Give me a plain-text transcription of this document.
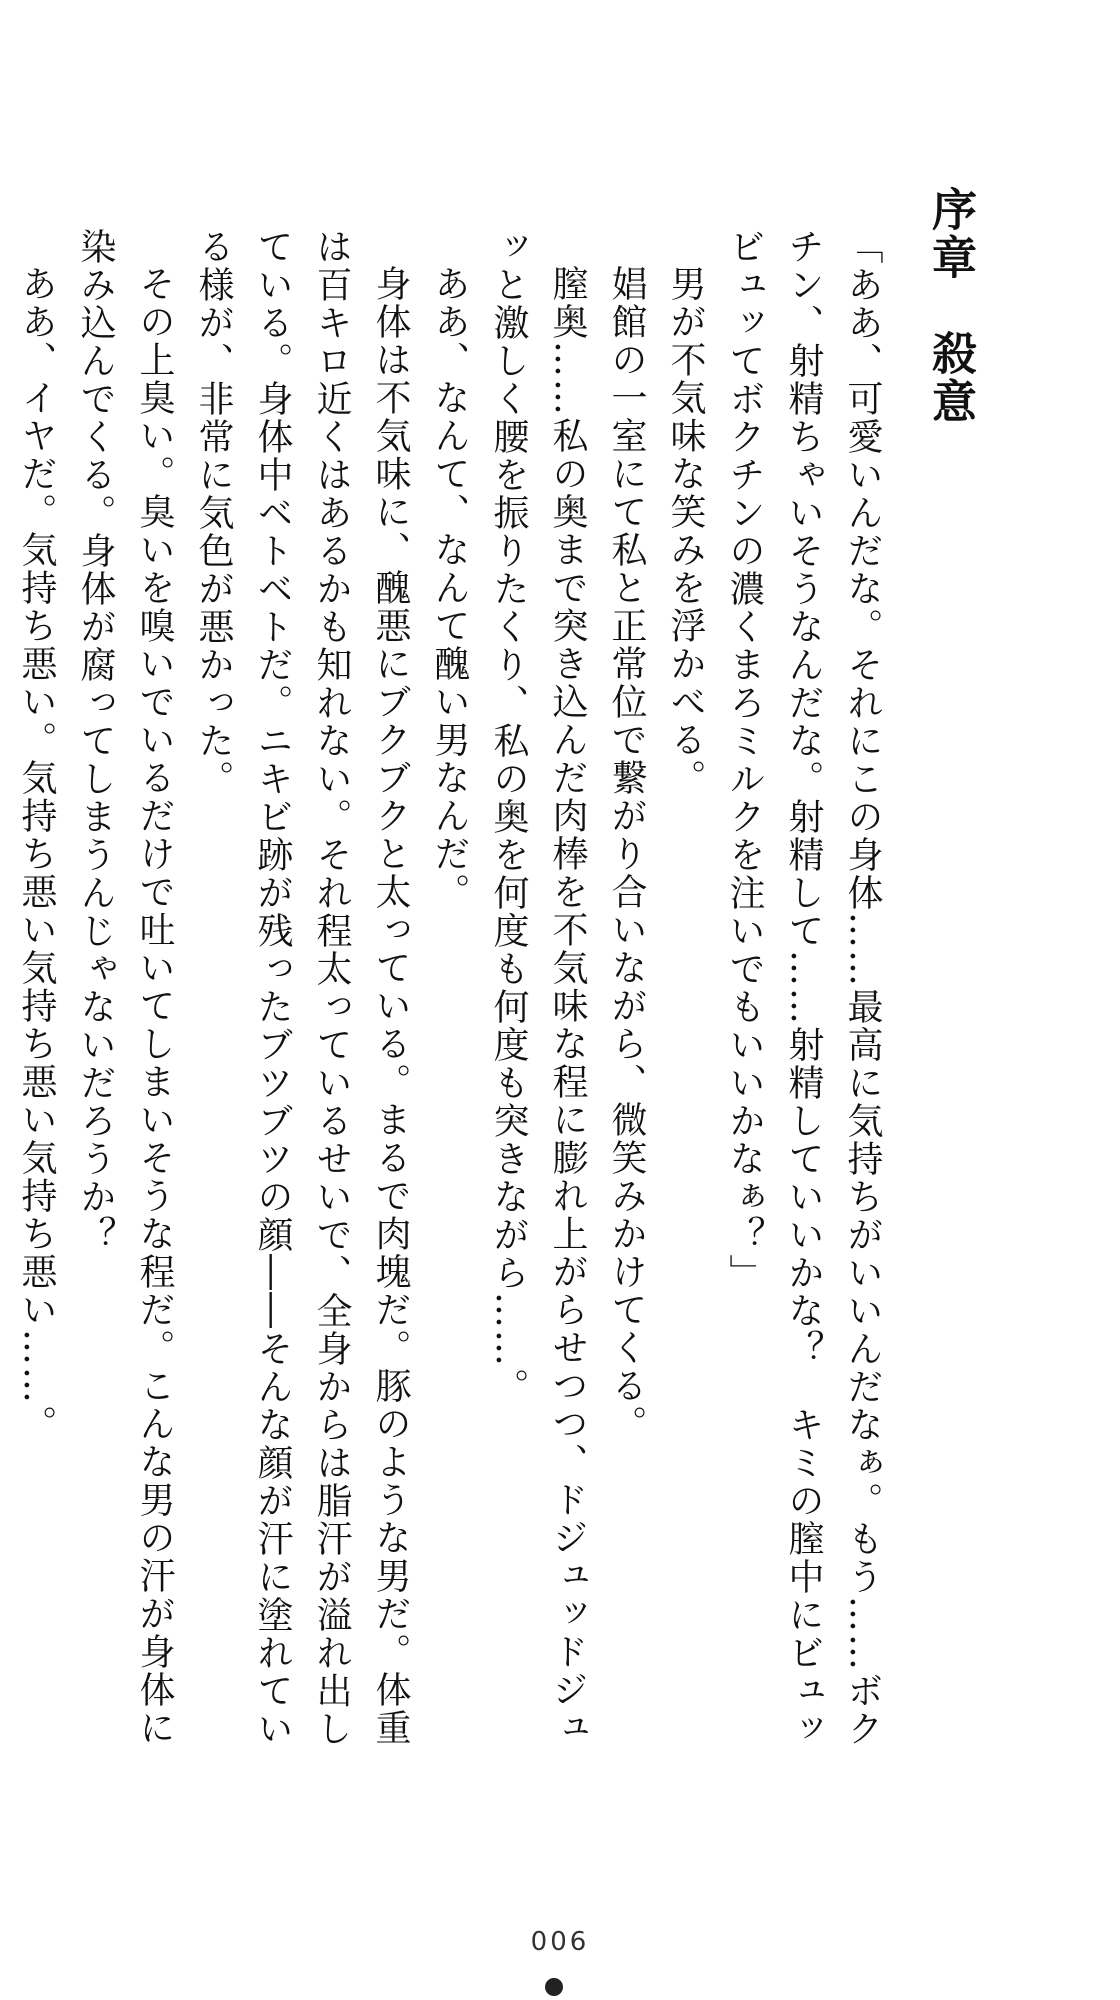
序章　殺意
「ああ、可愛いんだな。それにこの身体……最高に気持ちがいいんだなぁ。もう……ボク
チン、射精ちゃいそうなんだな。射精して……射精していいかな？　キミの膣中にビュッ
ビュッてボクチンの濃くまろミルクを注いでもいいかなぁ？」
男が不気味な笑みを浮かべる。
娼館の一室にて私と正常位で繋がり合いながら、微笑みかけてくる。
膣奥……私の奥まで突き込んだ肉棒を不気味な程に膨れ上がらせつつ、ドジュッドジュ
ッと激しく腰を振りたくり、私の奥を何度も何度も突きながら……。
ああ、なんて、なんて醜い男なんだ。
身体は不気味に、醜悪にブクブクと太っている。まるで肉塊だ。豚のような男だ。体重
は百キロ近くはあるかも知れない。それ程太っているせいで、全身からは脂汗が溢れ出し
ている。身体中ベトベトだ。ニキビ跡が残ったブツブツの顔――そんな顔が汗に塗れてい
る様が、非常に気色が悪かった。
その上臭い。臭いを嗅いでいるだけで吐いてしまいそうな程だ。こんな男の汗が身体に
染み込んでくる。身体が腐ってしまうんじゃないだろうか？
ああ、イヤだ。気持ち悪い。気持ち悪い気持ち悪い気持ち悪い……。
006
